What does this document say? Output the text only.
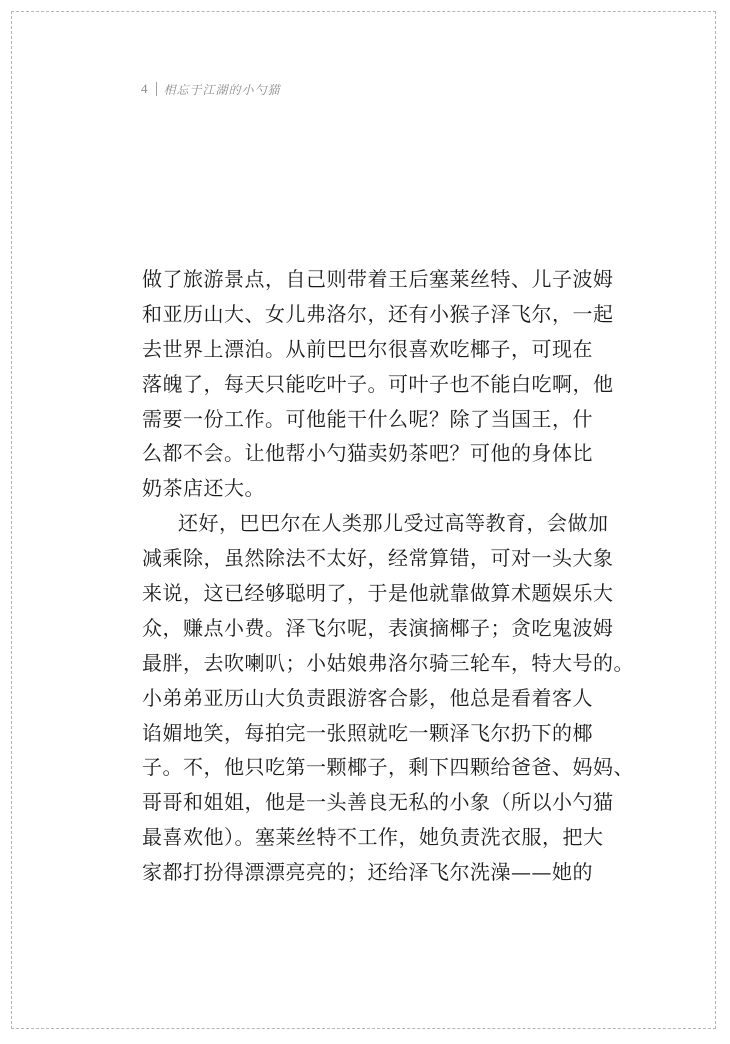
4 相忘于江湖的小勺猫

做了旅游景点，自己则带着王后塞莱丝特、儿子波姆
和亚历山大、女儿弗洛尔，还有小猴子泽飞尔，一起
去世界上漂泊。从前巴巴尔很喜欢吃椰子，可现在
落魄了，每天只能吃叶子。可叶子也不能白吃啊，他
需要一份工作。可他能干什么呢？除了当国王，什
么都不会。让他帮小勺猫卖奶茶吧？可他的身体比
奶茶店还大。

还好，巴巴尔在人类那儿受过高等教育，会做加
减乘除，虽然除法不太好，经常算错，可对一头大象
来说，这已经够聪明了，于是他就靠做算术题娱乐大
众，赚点小费。泽飞尔呢，表演摘椰子；贪吃鬼波姆
最胖，去吹喇叭；小姑娘弗洛尔骑三轮车，特大号的。
小弟弟亚历山大负责跟游客合影，他总是看着客人
谄媚地笑，每拍完一张照就吃一颗泽飞尔扔下的椰
子。不，他只吃第一颗椰子，剩下四颗给爸爸、妈妈、
哥哥和姐姐，他是一头善良无私的小象（所以小勺猫
最喜欢他）。塞莱丝特不工作，她负责洗衣服，把大
家都打扮得漂漂亮亮的；还给泽飞尔洗澡——她的
